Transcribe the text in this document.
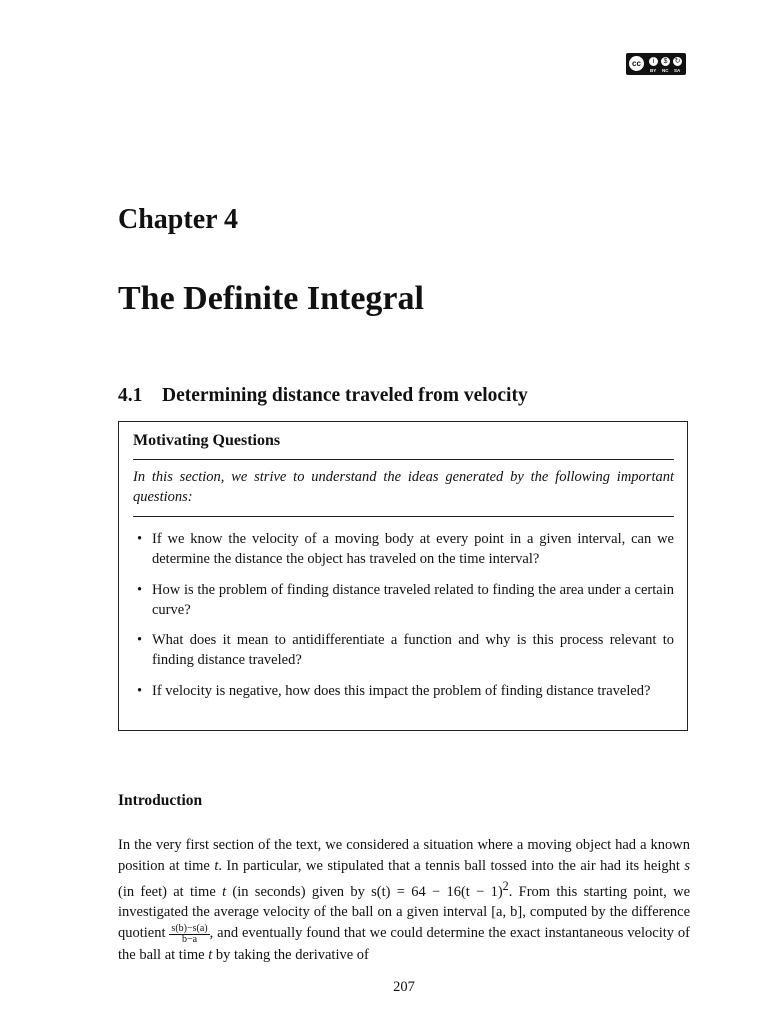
cc	i	$	↻
BY NC SA
Chapter 4
The Definite Integral
4.1 Determining distance traveled from velocity
Motivating Questions
In this section, we strive to understand the ideas generated by the following important questions:
• If we know the velocity of a moving body at every point in a given interval, can we determine the distance the object has traveled on the time interval?
• How is the problem of finding distance traveled related to finding the area under a certain curve?
• What does it mean to antidifferentiate a function and why is this process relevant to finding distance traveled?
• If velocity is negative, how does this impact the problem of finding distance traveled?
Introduction

In the very first section of the text, we considered a situation where a moving object had a known position at time t. In particular, we stipulated that a tennis ball tossed into the air had its height s (in feet) at time t (in seconds) given by $s(t) = 64 - 16(t - 1)^2$. From this starting point, we investigated the average velocity of the ball on a given interval [a, b], computed by the difference quotient $\frac{s(b)-s(a)}{b-a}$ , and eventually found that we could determine the exact instantaneous velocity of the ball at time t by taking the derivative of

207
